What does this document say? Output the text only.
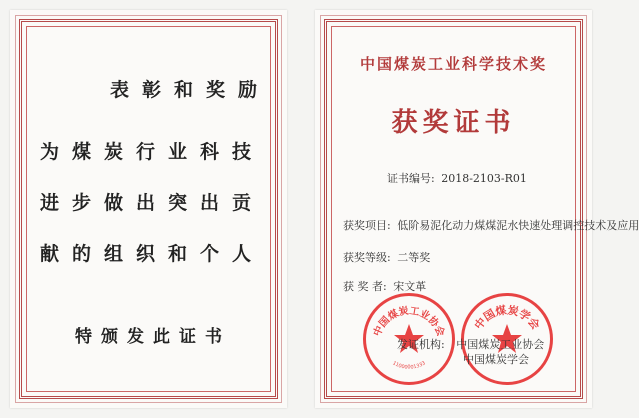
表彰和奖励
为煤炭行业科技
进步做出突出贡
献的组织和个人
特颁发此证书
中国煤炭工业科学技术奖
获奖证书
证书编号: 2018-2103-R01
获奖项目: 低阶易泥化动力煤煤泥水快速处理调控技术及应用
获奖等级: 二等奖
获 奖 者: 宋文革
中国煤炭工业协会
11000001333
中国煤炭学会
发证机构: 中国煤炭工业协会
中国煤炭学会
